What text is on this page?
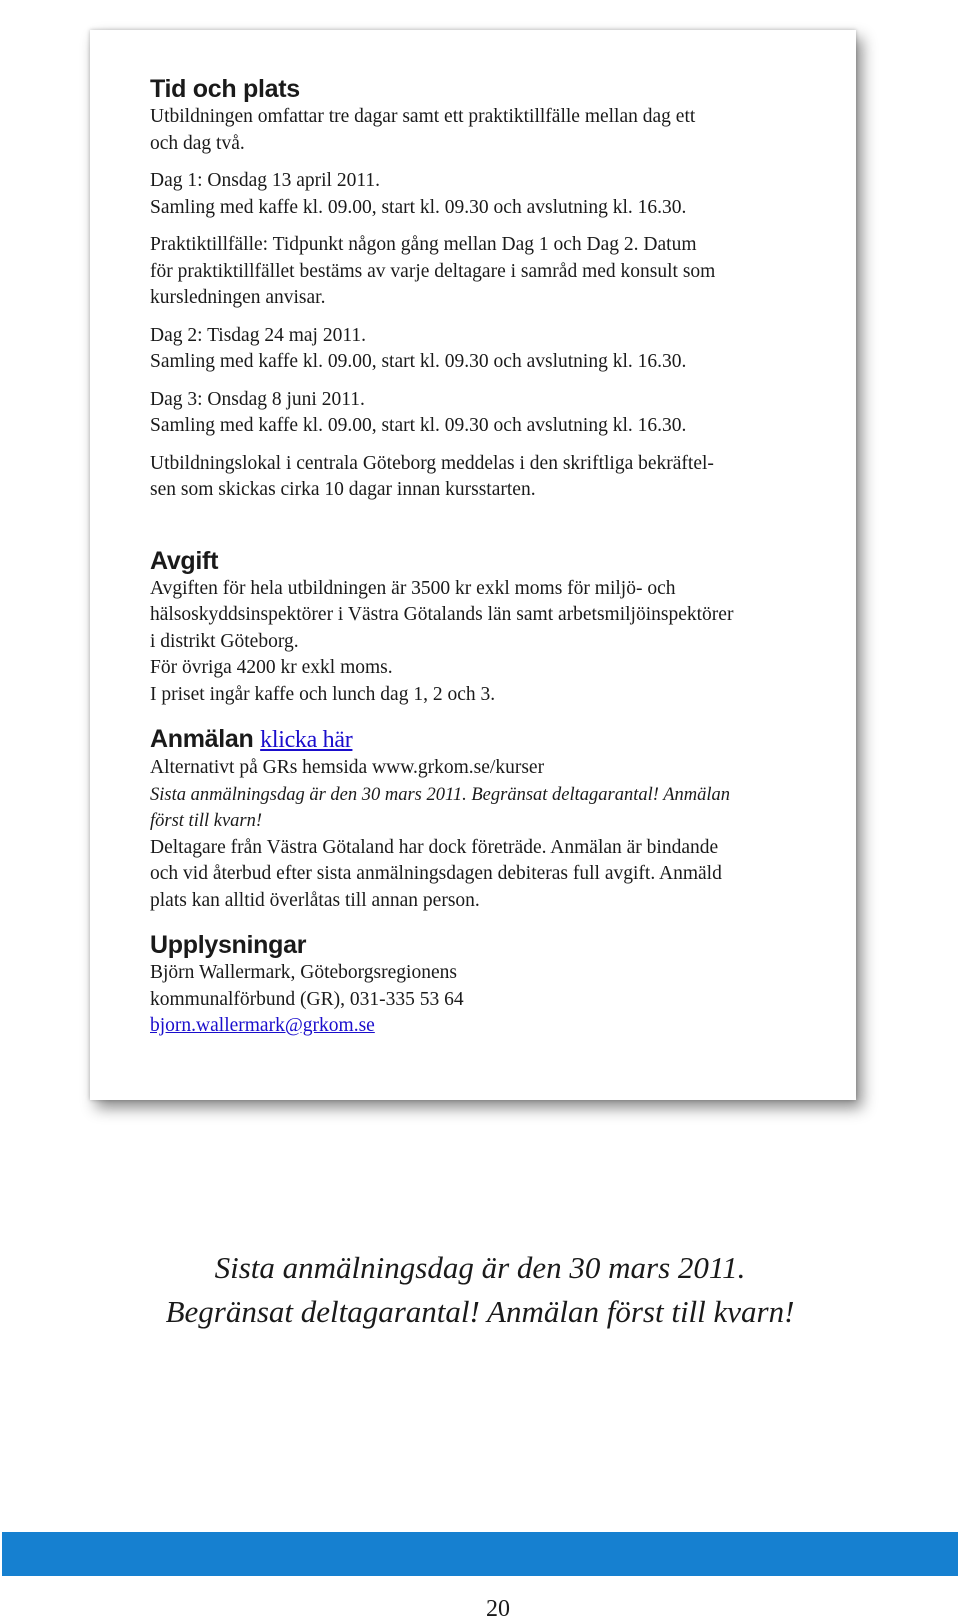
Tid och plats

Utbildningen omfattar tre dagar samt ett praktiktillfälle mellan dag ett
och dag två.

Dag 1: Onsdag 13 april 2011.
Samling med kaffe kl. 09.00, start kl. 09.30 och avslutning kl. 16.30.

Praktiktillfälle: Tidpunkt någon gång mellan Dag 1 och Dag 2. Datum
för praktiktillfället bestäms av varje deltagare i samråd med konsult som
kursledningen anvisar.

Dag 2: Tisdag 24 maj 2011.
Samling med kaffe kl. 09.00, start kl. 09.30 och avslutning kl. 16.30.

Dag 3: Onsdag 8 juni 2011.
Samling med kaffe kl. 09.00, start kl. 09.30 och avslutning kl. 16.30.

Utbildningslokal i centrala Göteborg meddelas i den skriftliga bekräftel-
sen som skickas cirka 10 dagar innan kursstarten.

Avgift

Avgiften för hela utbildningen är 3500 kr exkl moms för miljö- och
hälsoskyddsinspektörer i Västra Götalands län samt arbetsmiljöinspektörer
i distrikt Göteborg.
För övriga 4200 kr exkl moms.
I priset ingår kaffe och lunch dag 1, 2 och 3.

Anmälan klicka här

Alternativt på GRs hemsida www.grkom.se/kurser
Sista anmälningsdag är den 30 mars 2011. Begränsat deltagarantal! Anmälan
först till kvarn!
Deltagare från Västra Götaland har dock företräde. Anmälan är bindande
och vid återbud efter sista anmälningsdagen debiteras full avgift. Anmäld
plats kan alltid överlåtas till annan person.

Upplysningar

Björn Wallermark, Göteborgsregionens
kommunalförbund (GR), 031-335 53 64
bjorn.wallermark@grkom.se

Sista anmälningsdag är den 30 mars 2011.
Begränsat deltagarantal! Anmälan först till kvarn!
20
